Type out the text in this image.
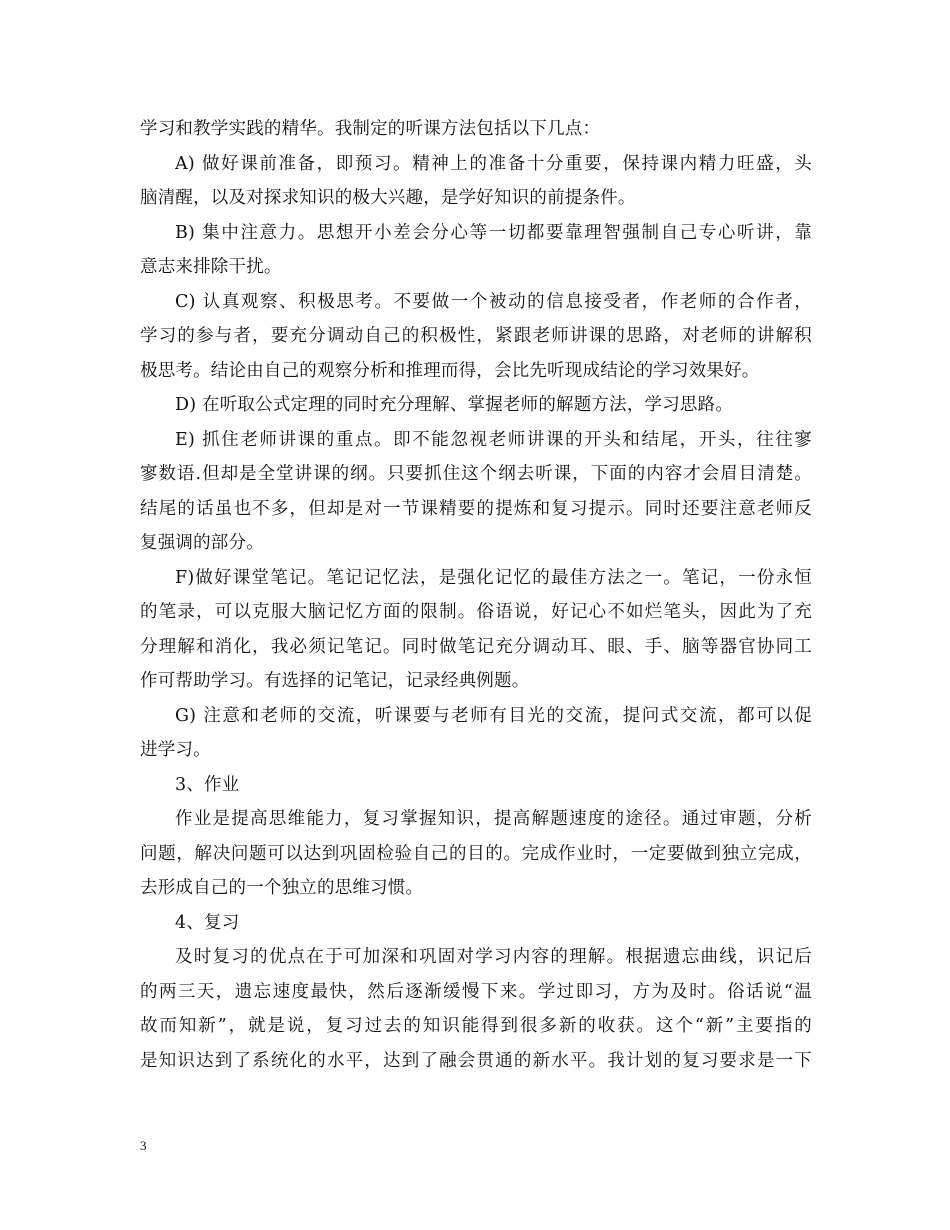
学习和教学实践的精华。我制定的听课方法包括以下几点：
A) 做好课前准备，即预习。精神上的准备十分重要，保持课内精力旺盛，头
脑清醒，以及对探求知识的极大兴趣，是学好知识的前提条件。
B) 集中注意力。思想开小差会分心等一切都要靠理智强制自己专心听讲，靠
意志来排除干扰。
C) 认真观察、积极思考。不要做一个被动的信息接受者，作老师的合作者，
学习的参与者，要充分调动自己的积极性，紧跟老师讲课的思路，对老师的讲解积
极思考。结论由自己的观察分析和推理而得，会比先听现成结论的学习效果好。
D) 在听取公式定理的同时充分理解、掌握老师的解题方法，学习思路。
E) 抓住老师讲课的重点。即不能忽视老师讲课的开头和结尾，开头，往往寥
寥数语.但却是全堂讲课的纲。只要抓住这个纲去听课，下面的内容才会眉目清楚。
结尾的话虽也不多，但却是对一节课精要的提炼和复习提示。同时还要注意老师反
复强调的部分。
F)做好课堂笔记。笔记记忆法，是强化记忆的最佳方法之一。笔记，一份永恒
的笔录，可以克服大脑记忆方面的限制。俗语说，好记心不如烂笔头，因此为了充
分理解和消化，我必须记笔记。同时做笔记充分调动耳、眼、手、脑等器官协同工
作可帮助学习。有选择的记笔记，记录经典例题。
G) 注意和老师的交流，听课要与老师有目光的交流，提问式交流，都可以促
进学习。
3、作业
作业是提高思维能力，复习掌握知识，提高解题速度的途径。通过审题，分析
问题，解决问题可以达到巩固检验自己的目的。完成作业时，一定要做到独立完成，
去形成自己的一个独立的思维习惯。
4、复习
及时复习的优点在于可加深和巩固对学习内容的理解。根据遗忘曲线，识记后
的两三天，遗忘速度最快，然后逐渐缓慢下来。学过即习，方为及时。俗话说“温
故而知新”，就是说，复习过去的知识能得到很多新的收获。这个“新”主要指的
是知识达到了系统化的水平，达到了融会贯通的新水平。我计划的复习要求是一下
3
